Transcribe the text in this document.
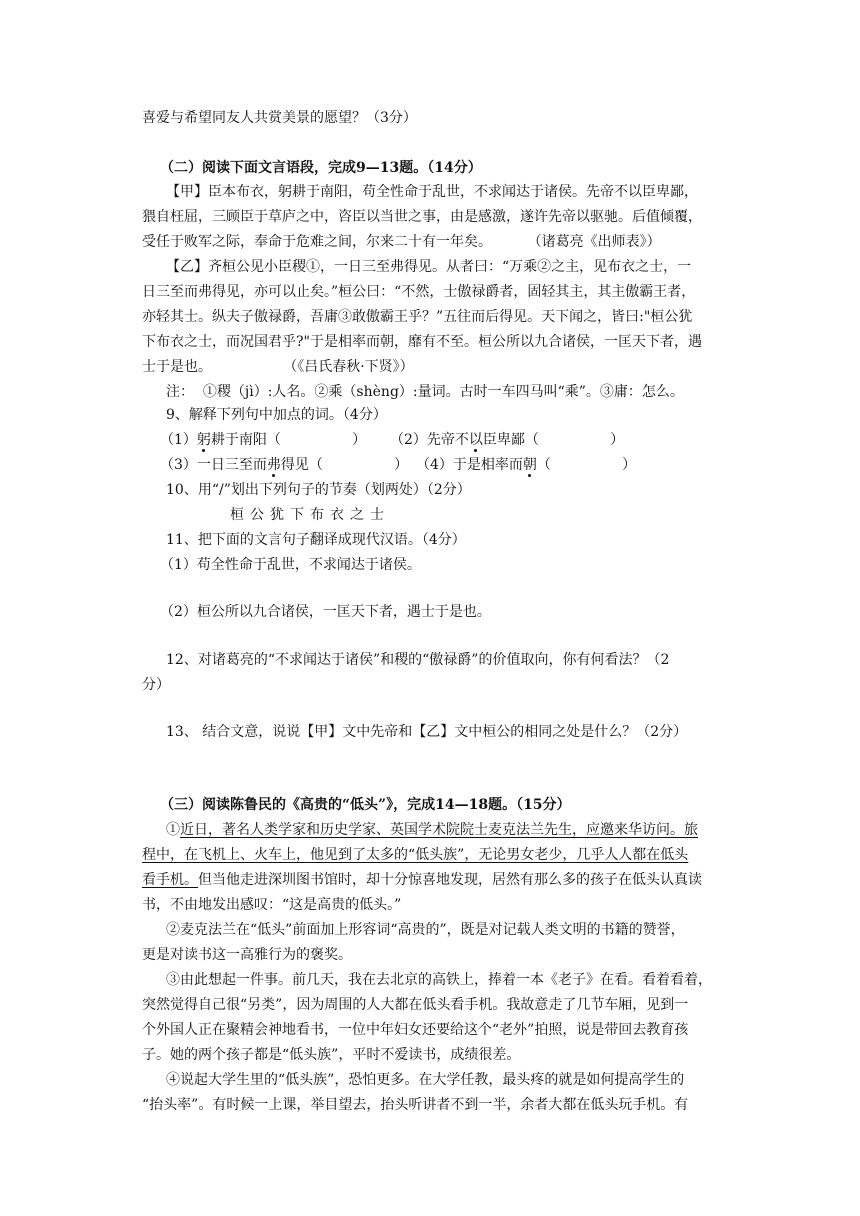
喜爱与希望同友人共赏美景的愿望？（3分）
（二）阅读下面文言语段，完成9—13题。（14分）
【甲】臣本布衣，躬耕于南阳，苟全性命于乱世，不求闻达于诸侯。先帝不以臣卑鄙，
猥自枉屈，三顾臣于草庐之中，咨臣以当世之事，由是感激，遂许先帝以驱驰。后值倾覆，
受任于败军之际，奉命于危难之间，尔来二十有一年矣。        （诸葛亮《出师表》）
【乙】齐桓公见小臣稷①，一日三至弗得见。从者曰：“万乘②之主，见布衣之士，一
日三至而弗得见，亦可以止矣。”桓公曰：“不然，士傲禄爵者，固轻其主，其主傲霸王者，
亦轻其士。纵夫子傲禄爵，吾庸③敢傲霸王乎？”五往而后得见。天下闻之，皆曰:"桓公犹
下布衣之士，而况国君乎?"于是相率而朝，靡有不至。桓公所以九合诸侯，一匡天下者，遇
士于是也。                （《吕氏春秋·下贤》）
注：  ①稷（jì）:人名。②乘（shèng）:量词。古时一车四马叫“乘”。③庸：怎么。
9、解释下列句中加点的词。（4分）
（1）躬耕于南阳（                ） （2）先帝不以臣卑鄙（                ）
（3）一日三至而弗得见（                ） （4）于是相率而朝（                ）
10、用“/”划出下列句子的节奏（划两处）（2分）
桓公犹下布衣之士
11、把下面的文言句子翻译成现代汉语。（4分）
（1）苟全性命于乱世，不求闻达于诸侯。
（2）桓公所以九合诸侯，一匡天下者，遇士于是也。
12、对诸葛亮的“不求闻达于诸侯”和稷的“傲禄爵”的价值取向，你有何看法？（2
分）
13、 结合文意，说说【甲】文中先帝和【乙】文中桓公的相同之处是什么？（2分）
（三）阅读陈鲁民的《高贵的“低头”》，完成14—18题。（15分）
①近日，著名人类学家和历史学家、英国学术院院士麦克法兰先生，应邀来华访问。旅
程中，在飞机上、火车上，他见到了太多的“低头族”，无论男女老少，几乎人人都在低头
看手机。但当他走进深圳图书馆时，却十分惊喜地发现，居然有那么多的孩子在低头认真读
书，不由地发出感叹：“这是高贵的低头。”
②麦克法兰在“低头”前面加上形容词“高贵的”，既是对记载人类文明的书籍的赞誉，
更是对读书这一高雅行为的褒奖。
③由此想起一件事。前几天，我在去北京的高铁上，捧着一本《老子》在看。看着看着，
突然觉得自己很“另类”，因为周围的人大都在低头看手机。我故意走了几节车厢，见到一
个外国人正在聚精会神地看书，一位中年妇女还要给这个“老外”拍照，说是带回去教育孩
子。她的两个孩子都是“低头族”，平时不爱读书，成绩很差。
④说起大学生里的“低头族”，恐怕更多。在大学任教，最头疼的就是如何提高学生的
“抬头率”。有时候一上课，举目望去，抬头听讲者不到一半，余者大都在低头玩手机。有
